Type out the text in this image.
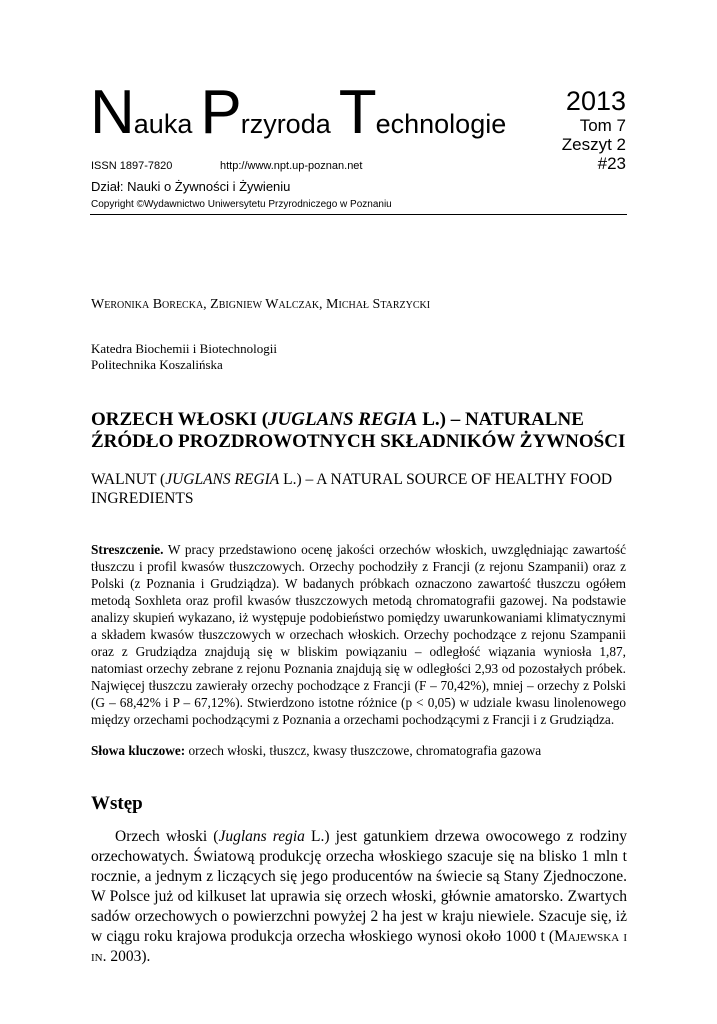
Nauka Przyroda Technologie
2013
Tom 7
Zeszyt 2
#23
ISSN 1897-7820	http://www.npt.up-poznan.net
Dział: Nauki o Żywności i Żywieniu
Copyright ©Wydawnictwo Uniwersytetu Przyrodniczego w Poznaniu
Weronika Borecka, Zbigniew Walczak, Michał Starzycki
Katedra Biochemii i Biotechnologii
Politechnika Koszalińska
ORZECH WŁOSKI (JUGLANS REGIA L.) – NATURALNE
ŹRÓDŁO PROZDROWOTNYCH SKŁADNIKÓW ŻYWNOŚCI
WALNUT (JUGLANS REGIA L.) – A NATURAL SOURCE OF HEALTHY FOOD INGREDIENTS
Streszczenie. W pracy przedstawiono ocenę jakości orzechów włoskich, uwzględniając zawartość tłuszczu i profil kwasów tłuszczowych. Orzechy pochodziły z Francji (z rejonu Szampanii) oraz z Polski (z Poznania i Grudziądza). W badanych próbkach oznaczono zawartość tłuszczu ogółem metodą Soxhleta oraz profil kwasów tłuszczowych metodą chromatografii gazowej. Na podstawie analizy skupień wykazano, iż występuje podobieństwo pomiędzy uwarunkowaniami klimatycznymi a składem kwasów tłuszczowych w orzechach włoskich. Orzechy pochodzące z rejonu Szampanii oraz z Grudziądza znajdują się w bliskim powiązaniu – odległość wiązania wyniosła 1,87, natomiast orzechy zebrane z rejonu Poznania znajdują się w odległości 2,93 od pozostałych próbek. Najwięcej tłuszczu zawierały orzechy pochodzące z Francji (F – 70,42%), mniej – orzechy z Polski (G – 68,42% i P – 67,12%). Stwierdzono istotne różnice (p < 0,05) w udziale kwasu linolenowego między orzechami pochodzącymi z Poznania a orzechami pochodzącymi z Francji i z Grudziądza.
Słowa kluczowe: orzech włoski, tłuszcz, kwasy tłuszczowe, chromatografia gazowa
Wstęp
Orzech włoski (Juglans regia L.) jest gatunkiem drzewa owocowego z rodziny orzechowatych. Światową produkcję orzecha włoskiego szacuje się na blisko 1 mln t rocznie, a jednym z liczących się jego producentów na świecie są Stany Zjednoczone. W Polsce już od kilkuset lat uprawia się orzech włoski, głównie amatorsko. Zwartych sadów orzechowych o powierzchni powyżej 2 ha jest w kraju niewiele. Szacuje się, iż w ciągu roku krajowa produkcja orzecha włoskiego wynosi około 1000 t (Majewska i in. 2003).
